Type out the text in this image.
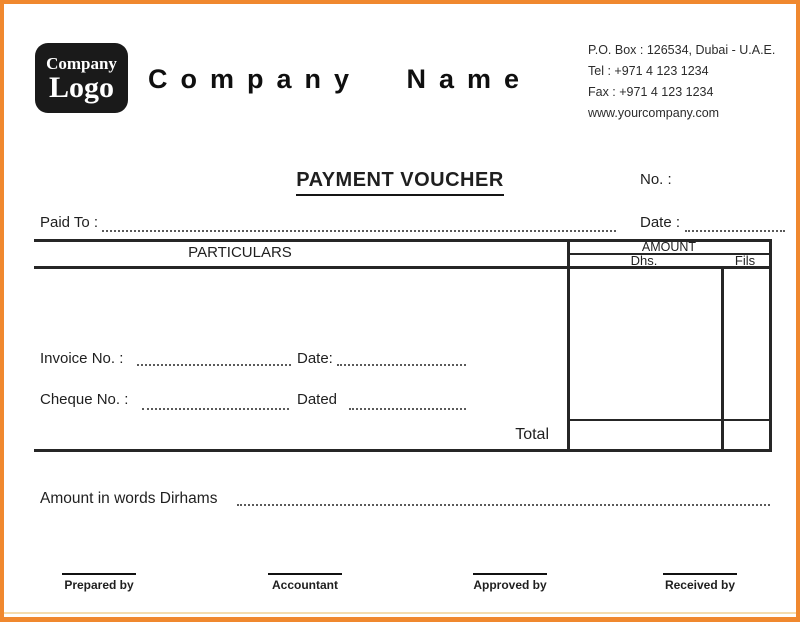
Company
Logo Company Name
P.O. Box : 126534, Dubai - U.A.E.
Tel : +971 4 123 1234
Fax : +971 4 123 1234
www.yourcompany.com
PAYMENT VOUCHER	No. :
Paid To :	Date :
PARTICULARS	AMOUNT
Dhs.	Fils
Invoice No. :	Date:
Cheque No. :	Dated
Total
Amount in words Dirhams
Prepared by	Accountant	Approved by	Received by
